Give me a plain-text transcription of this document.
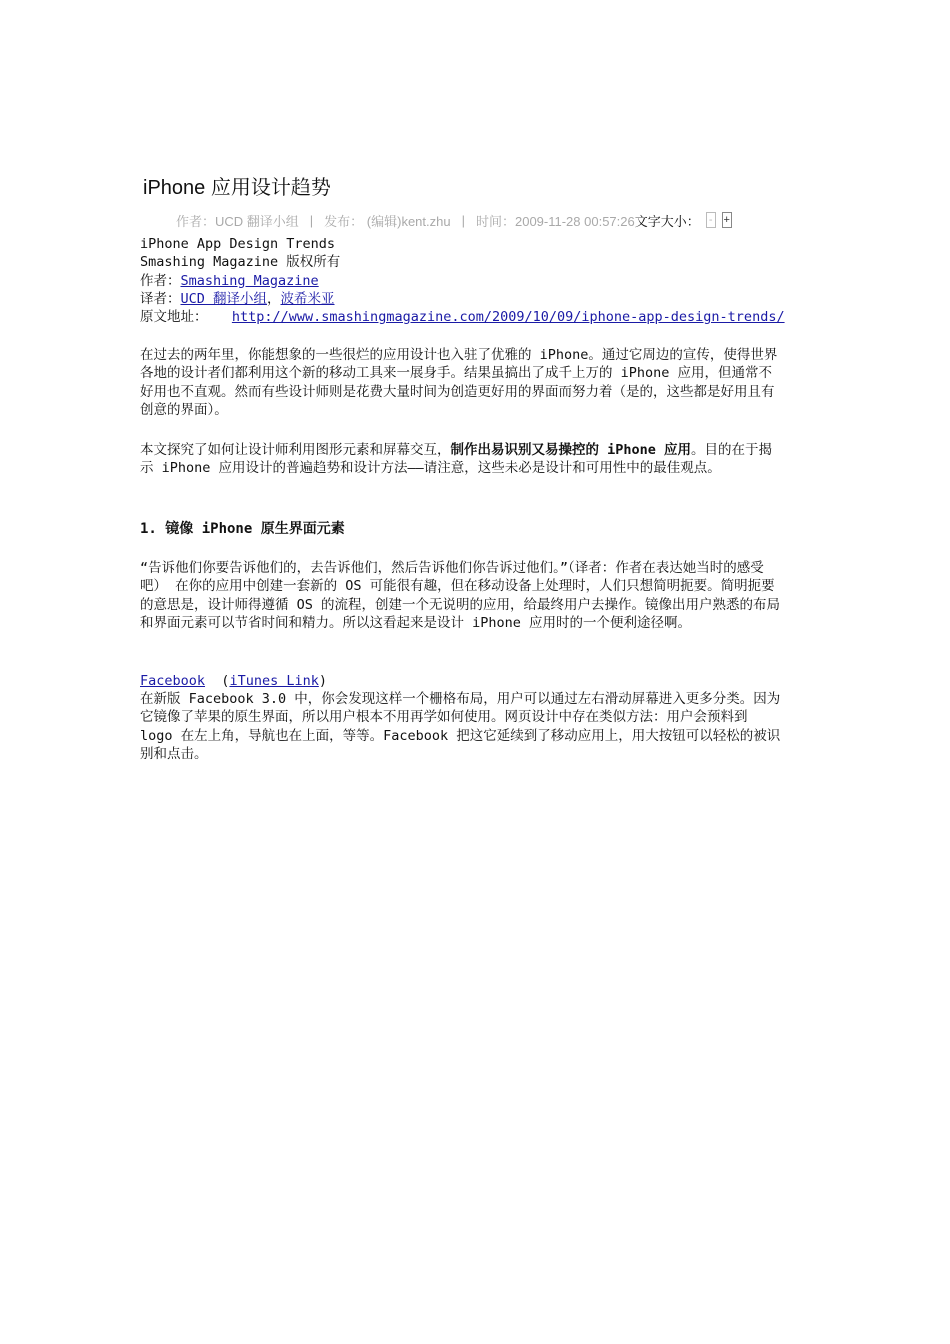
iPhone 应用设计趋势
作者：UCD 翻译小组 | 发布： (编辑)kent.zhu | 时间：2009-11-28 00:57:26 文字大小： - +
iPhone App Design Trends
Smashing Magazine 版权所有
作者：Smashing Magazine
译者：UCD 翻译小组，波希米亚
原文地址： http://www.smashingmagazine.com/2009/10/09/iphone-app-design-trends/

在过去的两年里，你能想象的一些很烂的应用设计也入驻了优雅的 iPhone。通过它周边的宣传，使得世界各地的设计者们都利用这个新的移动工具来一展身手。结果虽搞出了成千上万的 iPhone 应用，但通常不好用也不直观。然而有些设计师则是花费大量时间为创造更好用的界面而努力着（是的，这些都是好用且有创意的界面）。

本文探究了如何让设计师利用图形元素和屏幕交互，制作出易识别又易操控的 iPhone 应用。目的在于揭示 iPhone 应用设计的普遍趋势和设计方法——请注意，这些未必是设计和可用性中的最佳观点。

1. 镜像 iPhone 原生界面元素

“告诉他们你要告诉他们的，去告诉他们，然后告诉他们你告诉过他们。”（译者：作者在表达她当时的感受吧） 在你的应用中创建一套新的 OS 可能很有趣，但在移动设备上处理时，人们只想简明扼要。简明扼要的意思是，设计师得遵循 OS 的流程，创建一个无说明的应用，给最终用户去操作。镜像出用户熟悉的布局和界面元素可以节省时间和精力。所以这看起来是设计 iPhone 应用时的一个便利途径啊。

Facebook (iTunes Link)

在新版 Facebook 3.0 中，你会发现这样一个栅格布局，用户可以通过左右滑动屏幕进入更多分类。因为它镜像了苹果的原生界面，所以用户根本不用再学如何使用。网页设计中存在类似方法：用户会预料到 logo 在左上角，导航也在上面，等等。Facebook 把这它延续到了移动应用上，用大按钮可以轻松的被识别和点击。
